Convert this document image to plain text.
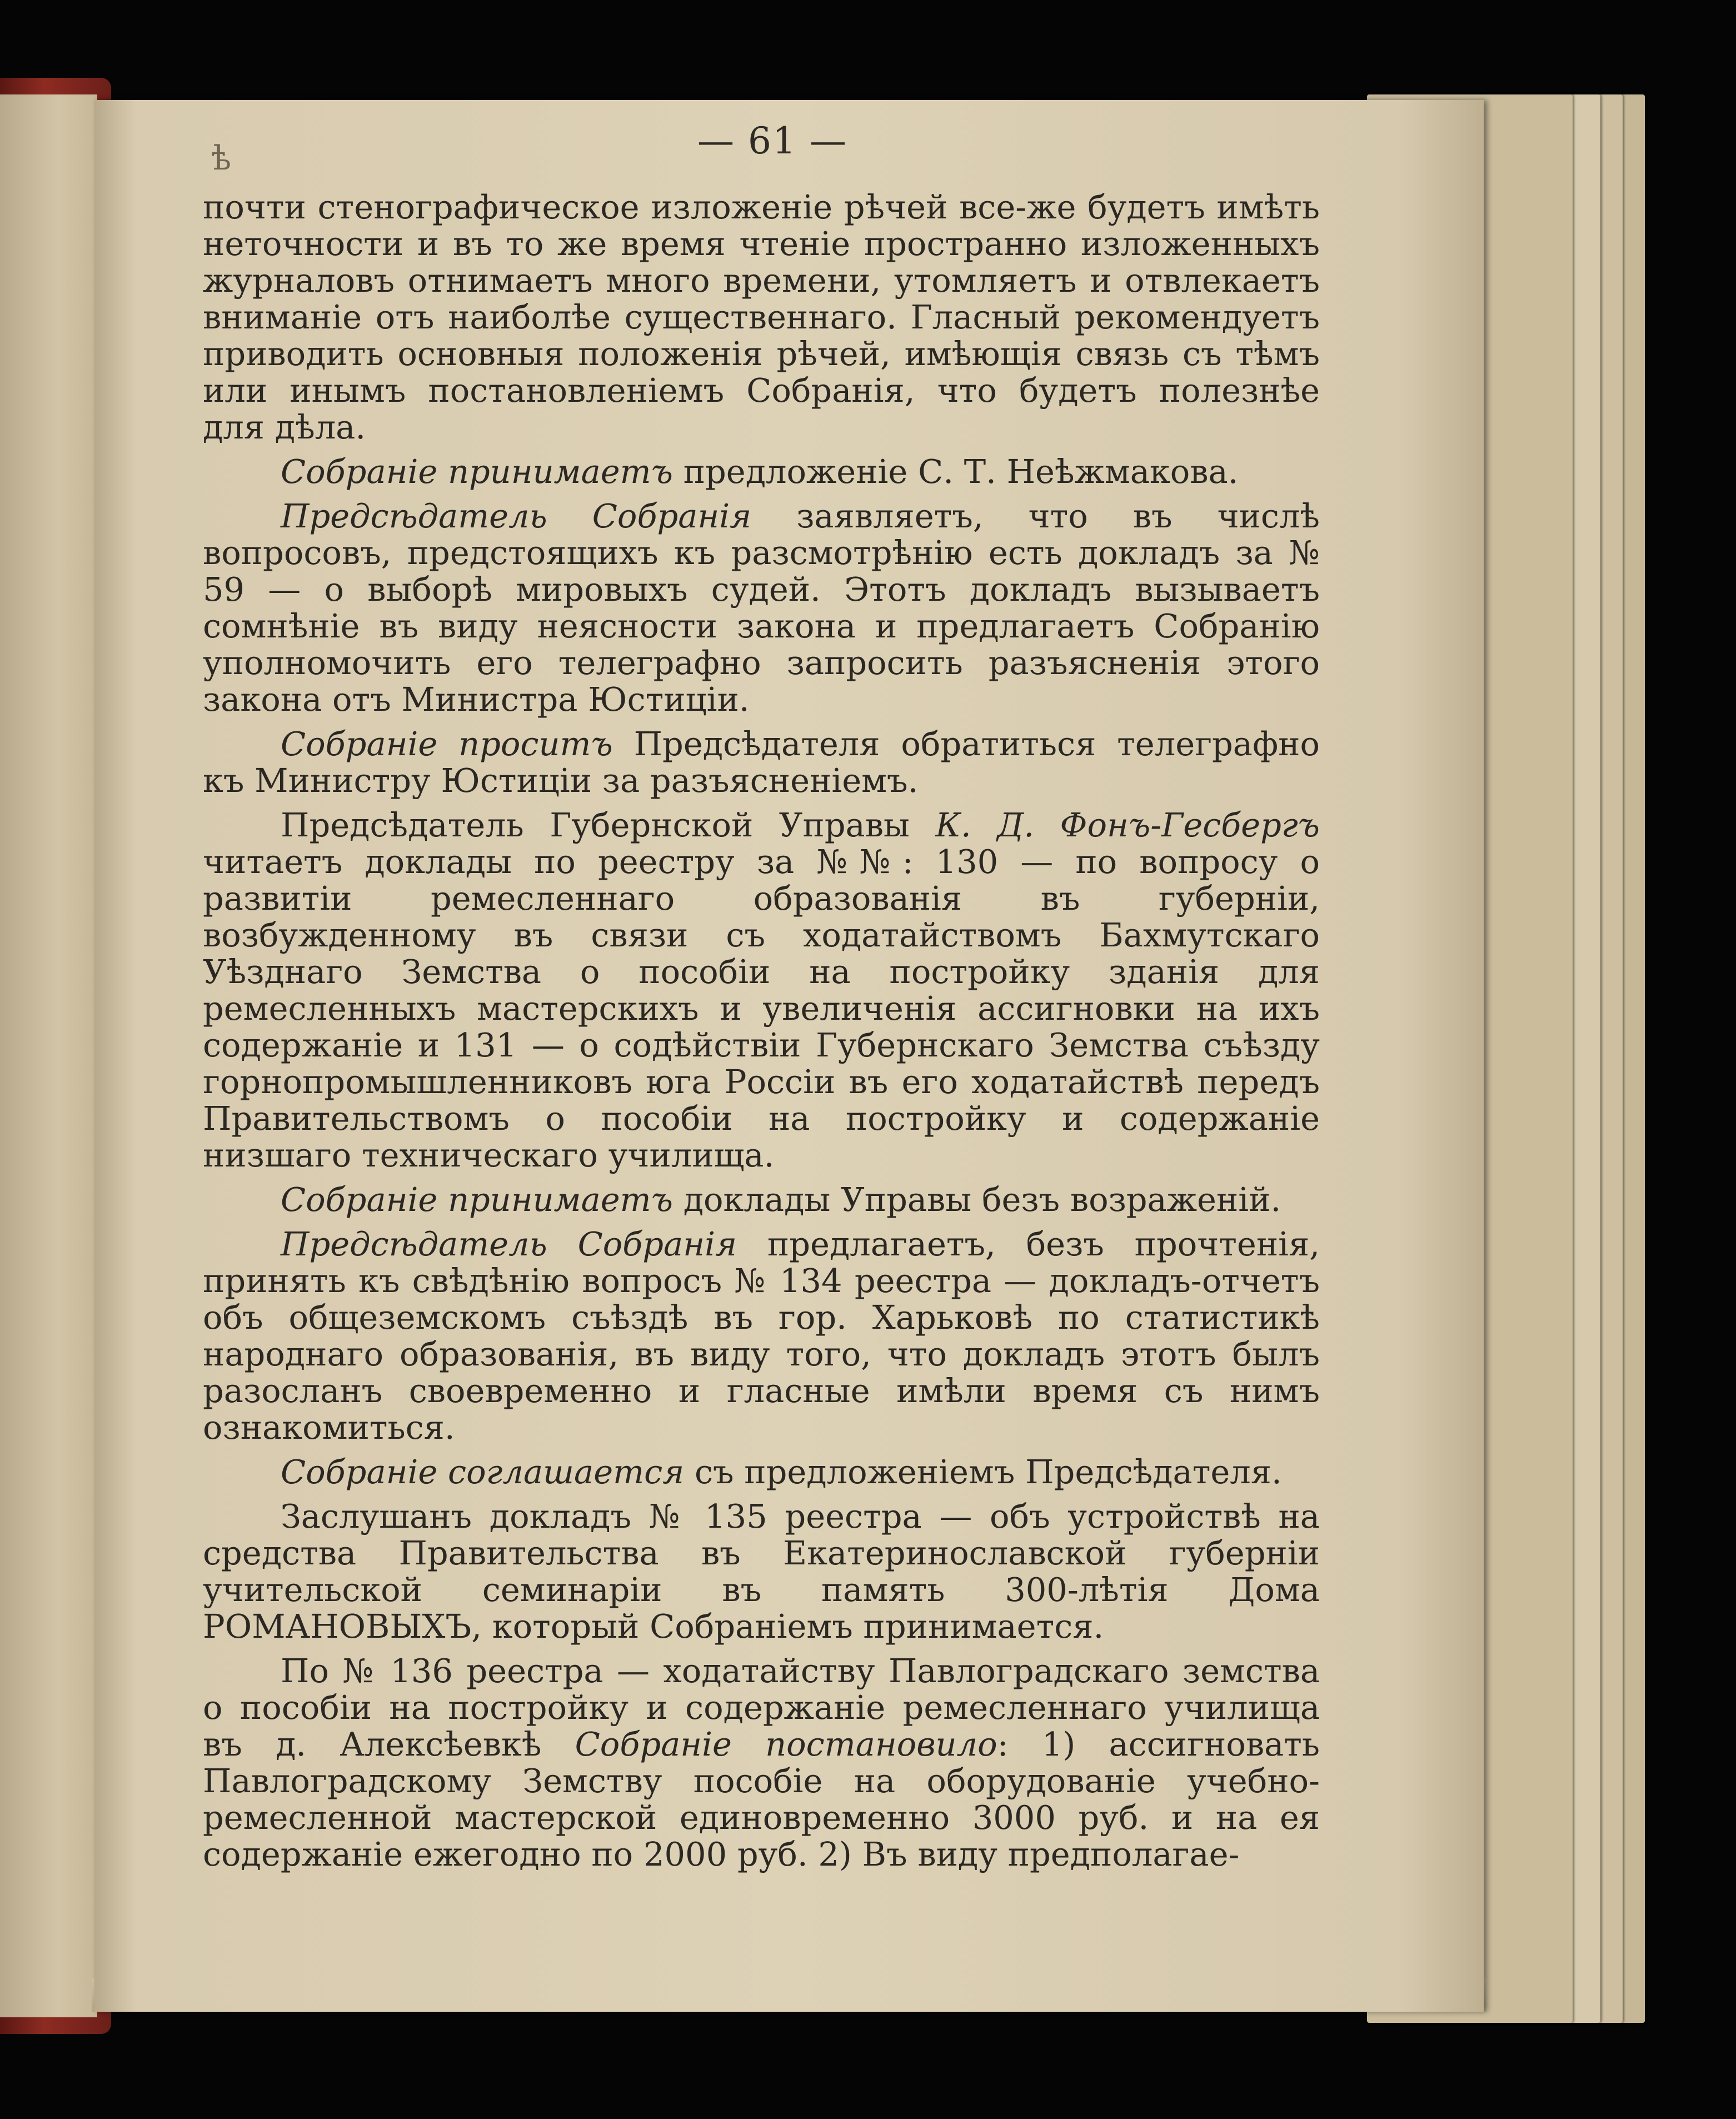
ѣ	— 61 —

почти стенографическое изложеніе рѣчей все-же будетъ имѣть неточности и въ то же время чтеніе пространно изложенныхъ журналовъ отнимаетъ много времени, утомляетъ и отвлекаетъ вниманіе отъ наиболѣе существеннаго. Гласный рекомендуетъ приводить основныя положенія рѣчей, имѣющія связь съ тѣмъ или инымъ постановленіемъ Собранія, что будетъ полезнѣе для дѣла.

Собраніе принимаетъ предложеніе С. Т. Неѣжмакова.

Предсѣдатель Собранія заявляетъ, что въ числѣ вопросовъ, предстоящихъ къ разсмотрѣнію есть докладъ за № 59 — о выборѣ мировыхъ судей. Этотъ докладъ вызываетъ сомнѣніе въ виду неясности закона и предлагаетъ Собранію уполномочить его телеграфно запросить разъясненія этого закона отъ Министра Юстиціи.

Собраніе проситъ Предсѣдателя обратиться телеграфно къ Министру Юстиціи за разъясненіемъ.

Предсѣдатель Губернской Управы К. Д. Фонъ-Гесбергъ читаетъ доклады по реестру за №№: 130 — по вопросу о развитіи ремесленнаго образованія въ губерніи, возбужденному въ связи съ ходатайствомъ Бахмутскаго Уѣзднаго Земства о пособіи на постройку зданія для ремесленныхъ мастерскихъ и увеличенія ассигновки на ихъ содержаніе и 131 — о содѣйствіи Губернскаго Земства съѣзду горнопромышленниковъ юга Россіи въ его ходатайствѣ передъ Правительствомъ о пособіи на постройку и содержаніе низшаго техническаго училища.

Собраніе принимаетъ доклады Управы безъ возраженій.

Предсѣдатель Собранія предлагаетъ, безъ прочтенія, принять къ свѣдѣнію вопросъ № 134 реестра — докладъ-отчетъ объ общеземскомъ съѣздѣ въ гор. Харьковѣ по статистикѣ народнаго образованія, въ виду того, что докладъ этотъ былъ разосланъ своевременно и гласные имѣли время съ нимъ ознакомиться.

Собраніе соглашается съ предложеніемъ Предсѣдателя.

Заслушанъ докладъ № 135 реестра — объ устройствѣ на средства Правительства въ Екатеринославской губерніи учительской семинаріи въ память 300-лѣтія Дома РОМАНОВЫХЪ, который Собраніемъ принимается.

По № 136 реестра — ходатайству Павлоградскаго земства о пособіи на постройку и содержаніе ремесленнаго училища въ д. Алексѣевкѣ Собраніе постановило: 1) ассигновать Павлоградскому Земству пособіе на оборудованіе учебно-ремесленной мастерской единовременно 3000 руб. и на ея содержаніе ежегодно по 2000 руб. 2) Въ виду предполагае-
